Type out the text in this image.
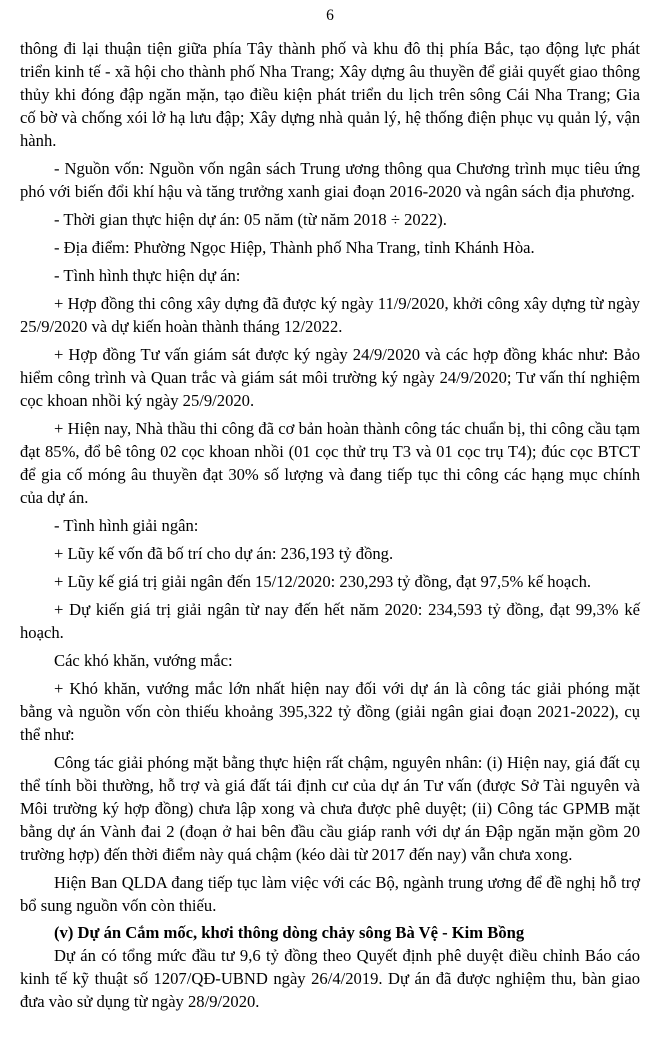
6

thông đi lại thuận tiện giữa phía Tây thành phố và khu đô thị phía Bắc, tạo động lực phát triển kinh tế - xã hội cho thành phố Nha Trang; Xây dựng âu thuyền để giải quyết giao thông thủy khi đóng đập ngăn mặn, tạo điều kiện phát triển du lịch trên sông Cái Nha Trang; Gia cố bờ và chống xói lở hạ lưu đập; Xây dựng nhà quản lý, hệ thống điện phục vụ quản lý, vận hành.

- Nguồn vốn: Nguồn vốn ngân sách Trung ương thông qua Chương trình mục tiêu ứng phó với biến đổi khí hậu và tăng trưởng xanh giai đoạn 2016-2020 và ngân sách địa phương.

- Thời gian thực hiện dự án: 05 năm (từ năm 2018 ÷ 2022).

- Địa điểm: Phường Ngọc Hiệp, Thành phố Nha Trang, tỉnh Khánh Hòa.

- Tình hình thực hiện dự án:

+ Hợp đồng thi công xây dựng đã được ký ngày 11/9/2020, khởi công xây dựng từ ngày 25/9/2020 và dự kiến hoàn thành tháng 12/2022.

+ Hợp đồng Tư vấn giám sát được ký ngày 24/9/2020 và các hợp đồng khác như: Bảo hiểm công trình và Quan trắc và giám sát môi trường ký ngày 24/9/2020; Tư vấn thí nghiệm cọc khoan nhồi ký ngày 25/9/2020.

+ Hiện nay, Nhà thầu thi công đã cơ bản hoàn thành công tác chuẩn bị, thi công cầu tạm đạt 85%, đổ bê tông 02 cọc khoan nhồi (01 cọc thử trụ T3 và 01 cọc trụ T4); đúc cọc BTCT để gia cố móng âu thuyền đạt 30% số lượng và đang tiếp tục thi công các hạng mục chính của dự án.

- Tình hình giải ngân:

+ Lũy kế vốn đã bố trí cho dự án: 236,193 tỷ đồng.

+ Lũy kế giá trị giải ngân đến 15/12/2020: 230,293 tỷ đồng, đạt 97,5% kế hoạch.

+ Dự kiến giá trị giải ngân từ nay đến hết năm 2020: 234,593 tỷ đồng, đạt 99,3% kế hoạch.

Các khó khăn, vướng mắc:

+ Khó khăn, vướng mắc lớn nhất hiện nay đối với dự án là công tác giải phóng mặt bằng và nguồn vốn còn thiếu khoảng 395,322 tỷ đồng (giải ngân giai đoạn 2021-2022), cụ thể như:

Công tác giải phóng mặt bằng thực hiện rất chậm, nguyên nhân: (i) Hiện nay, giá đất cụ thể tính bồi thường, hỗ trợ và giá đất tái định cư của dự án Tư vấn (được Sở Tài nguyên và Môi trường ký hợp đồng) chưa lập xong và chưa được phê duyệt; (ii) Công tác GPMB mặt bằng dự án Vành đai 2 (đoạn ở hai bên đầu cầu giáp ranh với dự án Đập ngăn mặn gồm 20 trường hợp) đến thời điểm này quá chậm (kéo dài từ 2017 đến nay) vẫn chưa xong.

Hiện Ban QLDA đang tiếp tục làm việc với các Bộ, ngành trung ương để đề nghị hỗ trợ bổ sung nguồn vốn còn thiếu.

(v) Dự án Cắm mốc, khơi thông dòng chảy sông Bà Vệ - Kim Bồng

Dự án có tổng mức đầu tư 9,6 tỷ đồng theo Quyết định phê duyệt điều chỉnh Báo cáo kinh tế kỹ thuật số 1207/QĐ-UBND ngày 26/4/2019. Dự án đã được nghiệm thu, bàn giao đưa vào sử dụng từ ngày 28/9/2020.
